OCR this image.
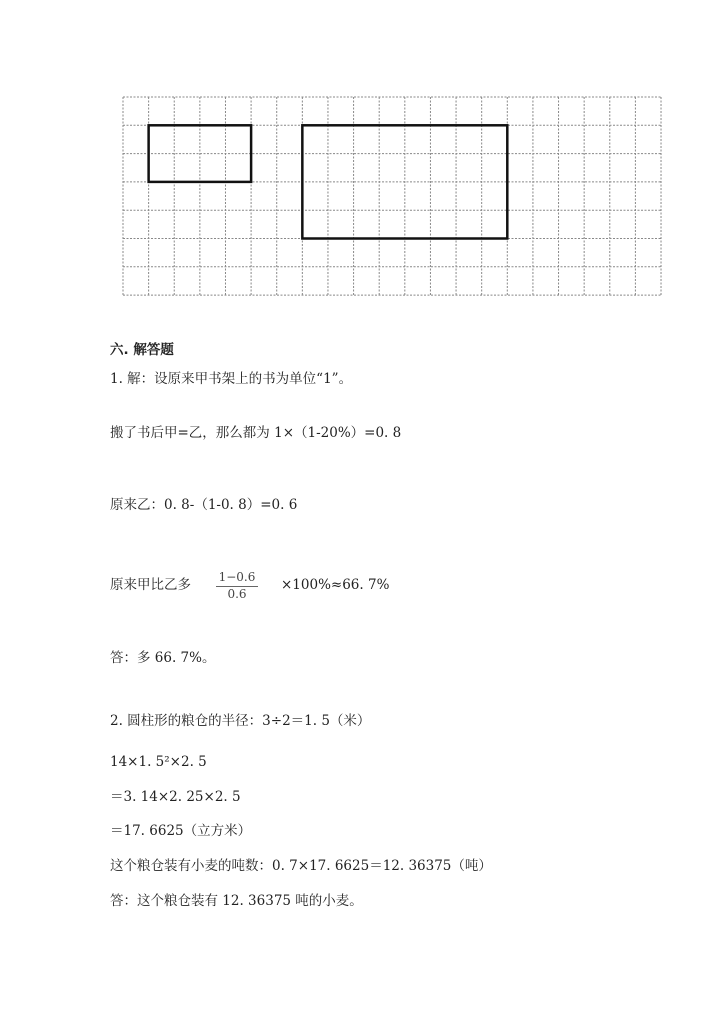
六. 解答题
1. 解：设原来甲书架上的书为单位“1”。
搬了书后甲=乙，那么都为 1×（1-20%）=0. 8
原来乙：0. 8-（1-0. 8）=0. 6
原来甲比乙多 $\frac{1-0.6}{0.6} \times 100\%\approx 66$. 7%
答：多 66. 7%。
2. 圆柱形的粮仓的半径：3÷2＝1. 5（米）
14×1. 5²×2. 5
＝3. 14×2. 25×2. 5
＝17. 6625（立方米）
这个粮仓装有小麦的吨数：0. 7×17. 6625＝12. 36375（吨）
答：这个粮仓装有 12. 36375 吨的小麦。
